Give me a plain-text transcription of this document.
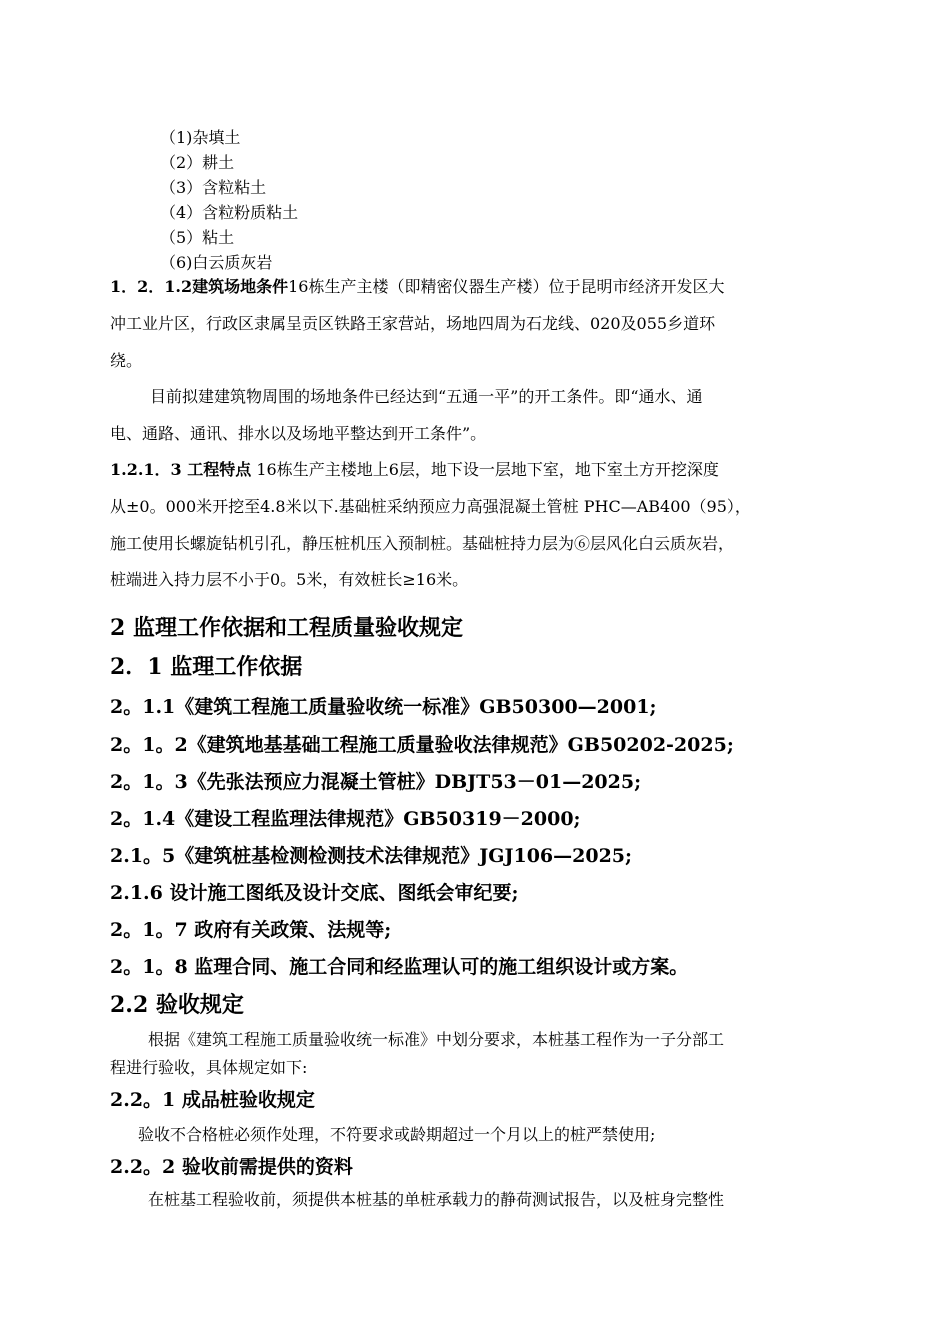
（1)杂填土

（2）耕土

（3）含粒粘土

（4）含粒粉质粘土

（5）粘土

（6)白云质灰岩

1．2．1.2建筑场地条件16栋生产主楼（即精密仪器生产楼）位于昆明市经济开发区大

冲工业片区，行政区隶属呈贡区铁路王家营站，场地四周为石龙线、020及055乡道环

绕。

目前拟建建筑物周围的场地条件已经达到“五通一平”的开工条件。即“通水、通

电、通路、通讯、排水以及场地平整达到开工条件”。

1.2.1．3 工程特点 16栋生产主楼地上6层，地下设一层地下室，地下室土方开挖深度

从±0。000米开挖至4.8米以下.基础桩采纳预应力高强混凝土管桩 PHC—AB400（95），

施工使用长螺旋钻机引孔，静压桩机压入预制桩。基础桩持力层为⑥层风化白云质灰岩，

桩端进入持力层不小于0。5米，有效桩长≥16米。

2 监理工作依据和工程质量验收规定

2．1 监理工作依据

2。1.1《建筑工程施工质量验收统一标准》GB50300—2001;

2。1。2《建筑地基基础工程施工质量验收法律规范》GB50202-2025;

2。1。3《先张法预应力混凝土管桩》DBJT53－01—2025;

2。1.4《建设工程监理法律规范》GB50319－2000;

2.1。5《建筑桩基检测检测技术法律规范》JGJ106—2025;

2.1.6 设计施工图纸及设计交底、图纸会审纪要;

2。1。7 政府有关政策、法规等;

2。1。8 监理合同、施工合同和经监理认可的施工组织设计或方案。

2.2 验收规定

根据《建筑工程施工质量验收统一标准》中划分要求，本桩基工程作为一子分部工

程进行验收，具体规定如下:

2.2。1 成品桩验收规定

验收不合格桩必须作处理，不符要求或龄期超过一个月以上的桩严禁使用;

2.2。2 验收前需提供的资料

在桩基工程验收前，须提供本桩基的单桩承载力的静荷测试报告，以及桩身完整性
